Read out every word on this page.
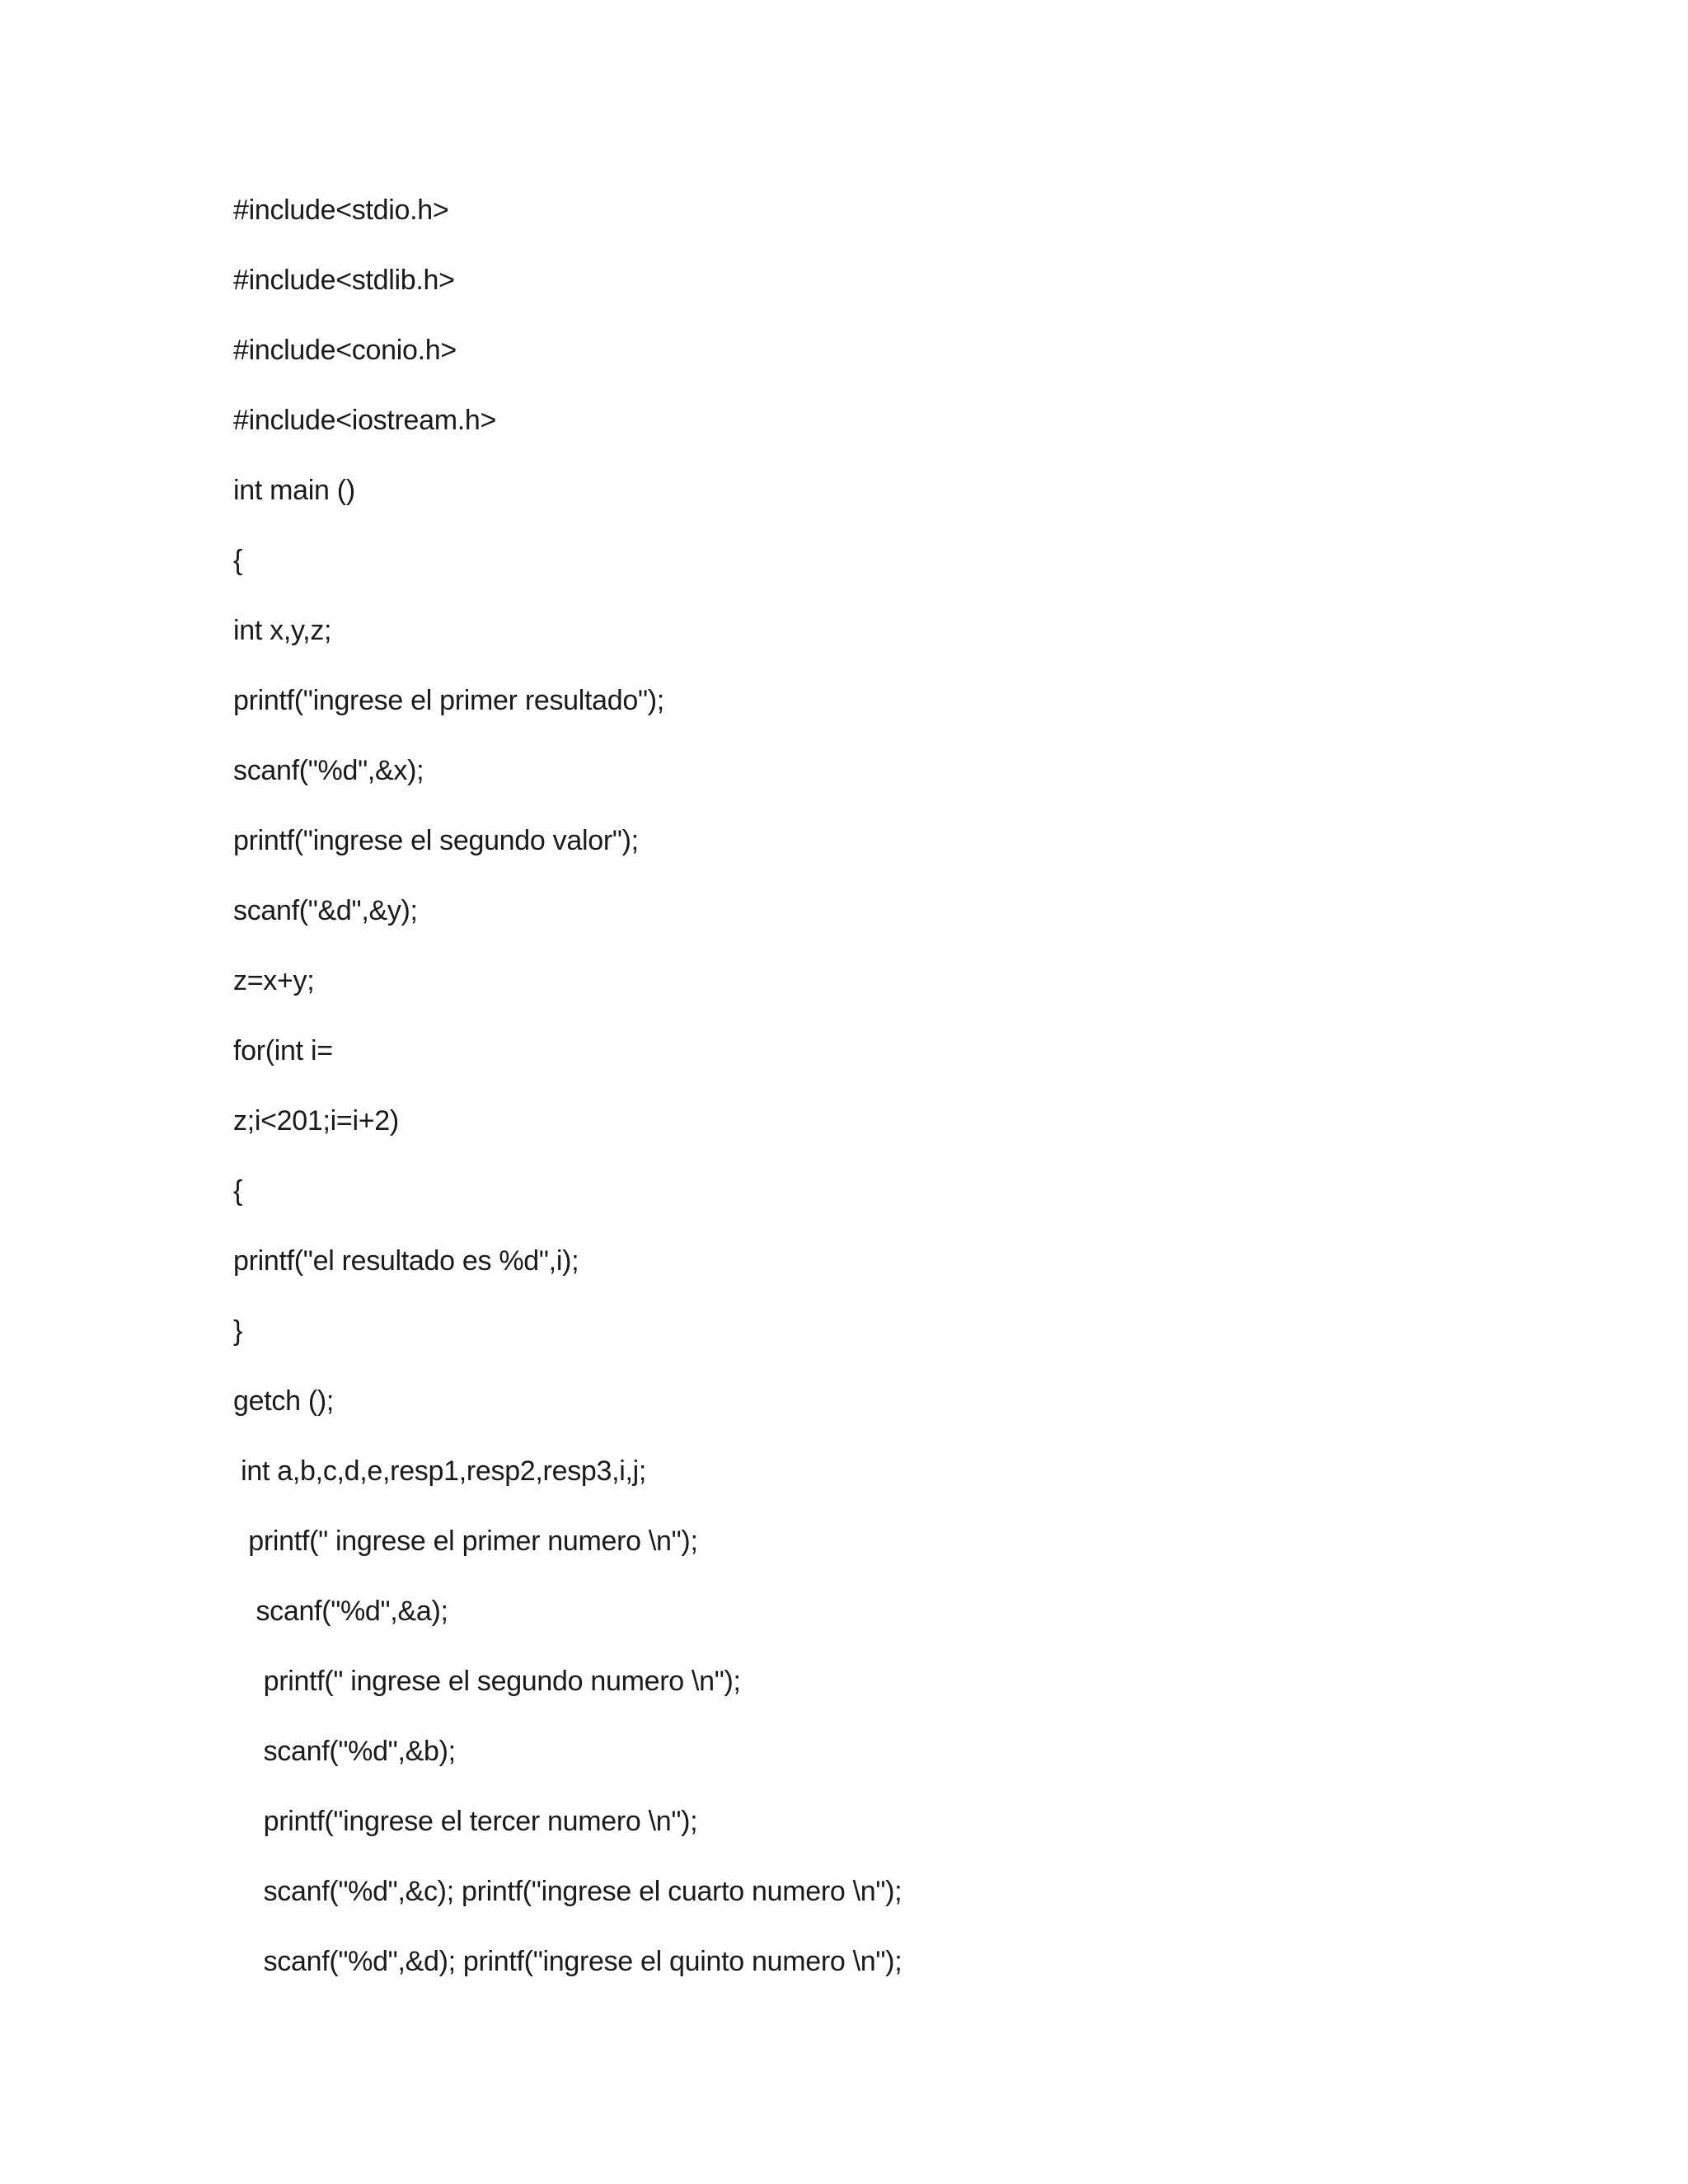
#include<stdio.h>
#include<stdlib.h>
#include<conio.h>
#include<iostream.h>
int main ()
{
int x,y,z;
printf("ingrese el primer resultado");
scanf("%d",&x);
printf("ingrese el segundo valor");
scanf("&d",&y);
z=x+y;
for(int i=
z;i<201;i=i+2)
{
printf("el resultado es %d",i);
}
getch ();
int a,b,c,d,e,resp1,resp2,resp3,i,j;
printf(" ingrese el primer numero \n");
scanf("%d",&a);
printf(" ingrese el segundo numero \n");
scanf("%d",&b);
printf("ingrese el tercer numero \n");
scanf("%d",&c); printf("ingrese el cuarto numero \n");
scanf("%d",&d); printf("ingrese el quinto numero \n");
